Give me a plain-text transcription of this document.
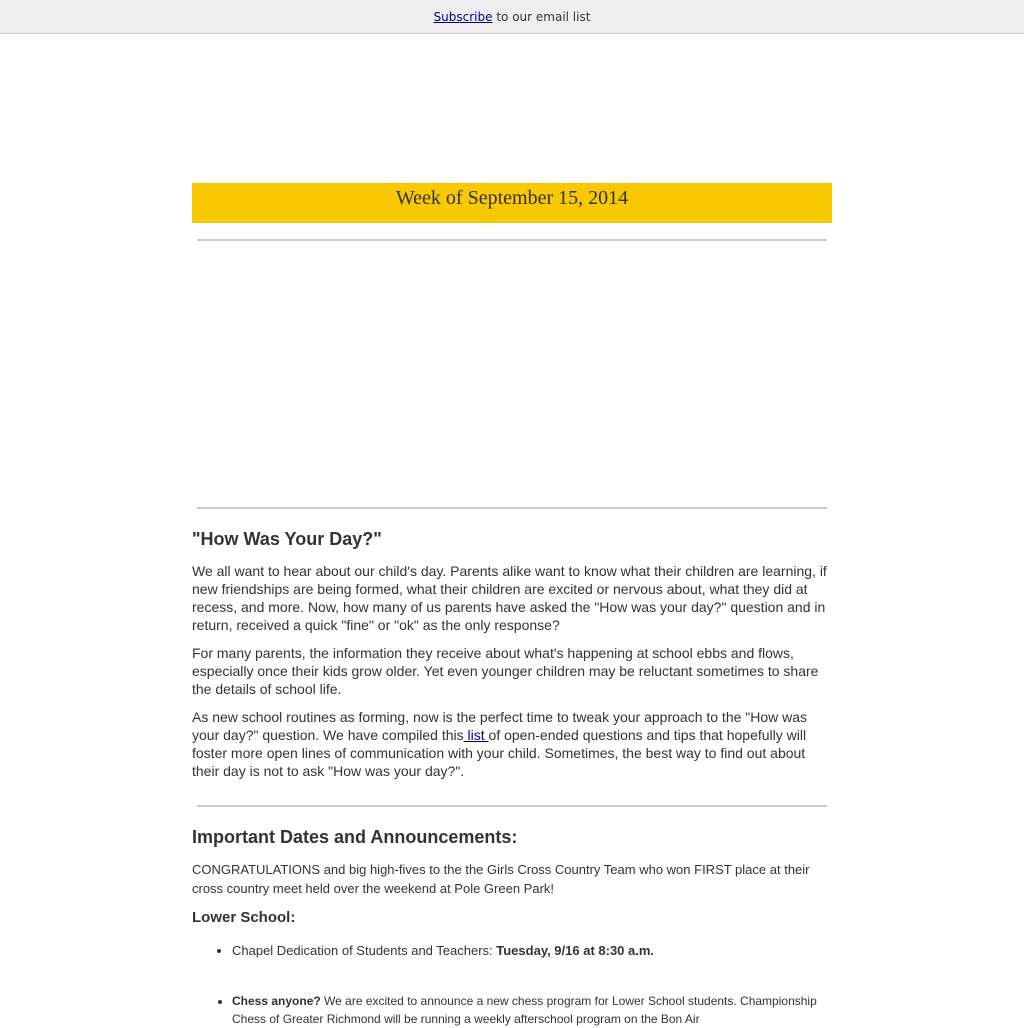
Subscribe to our email list
Week of September 15, 2014
"How Was Your Day?"

We all want to hear about our child's day. Parents alike want to know what their children are learning, if new friendships are being formed, what their children are excited or nervous about, what they did at recess, and more. Now, how many of us parents have asked the "How was your day?" question and in return, received a quick "fine" or "ok" as the only response?

For many parents, the information they receive about what's happening at school ebbs and flows, especially once their kids grow older. Yet even younger children may be reluctant sometimes to share the details of school life.

As new school routines as forming, now is the perfect time to tweak your approach to the "How was your day?" question. We have compiled this list of open-ended questions and tips that hopefully will foster more open lines of communication with your child. Sometimes, the best way to find out about their day is not to ask "How was your day?".

Important Dates and Announcements:

CONGRATULATIONS and big high-fives to the the Girls Cross Country Team who won FIRST place at their cross country meet held over the weekend at Pole Green Park!

Lower School:
• Chapel Dedication of Students and Teachers: Tuesday, 9/16 at 8:30 a.m.
• Chess anyone? We are excited to announce a new chess program for Lower School students. Championship Chess of Greater Richmond will be running a weekly afterschool program on the Bon Air
